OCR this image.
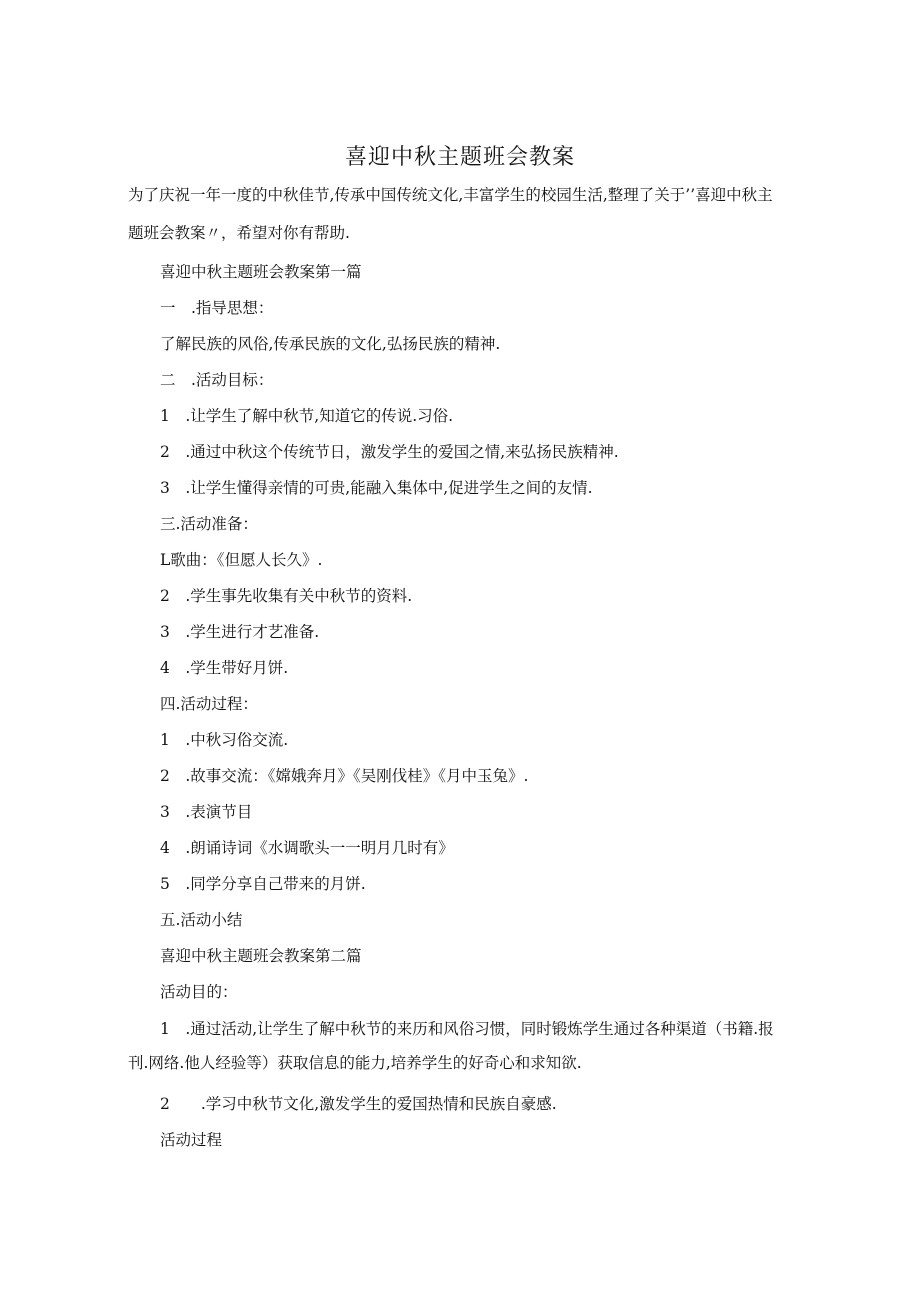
喜迎中秋主题班会教案
为了庆祝一年一度的中秋佳节,传承中国传统文化,丰富学生的校园生活,整理了关于’’喜迎中秋主题班会教案〃，希望对你有帮助.
喜迎中秋主题班会教案第一篇
一　.指导思想：
了解民族的风俗,传承民族的文化,弘扬民族的精神.
二　.活动目标：
1　.让学生了解中秋节,知道它的传说.习俗.
2　.通过中秋这个传统节日，激发学生的爱国之情,来弘扬民族精神.
3　.让学生懂得亲情的可贵,能融入集体中,促进学生之间的友情.
三.活动准备：
L歌曲：《但愿人长久》.
2　.学生事先收集有关中秋节的资料.
3　.学生进行才艺准备.
4　.学生带好月饼.
四.活动过程：
1　.中秋习俗交流.
2　.故事交流：《嫦娥奔月》《吴刚伐桂》《月中玉兔》.
3　.表演节目
4　.朗诵诗词《水调歌头一一明月几时有》
5　.同学分享自己带来的月饼.
五.活动小结
喜迎中秋主题班会教案第二篇
活动目的：
1　.通过活动,让学生了解中秋节的来历和风俗习惯，同时锻炼学生通过各种渠道（书籍.报刊.网络.他人经验等）获取信息的能力,培养学生的好奇心和求知欲.
2　　.学习中秋节文化,激发学生的爱国热情和民族自豪感.
活动过程
